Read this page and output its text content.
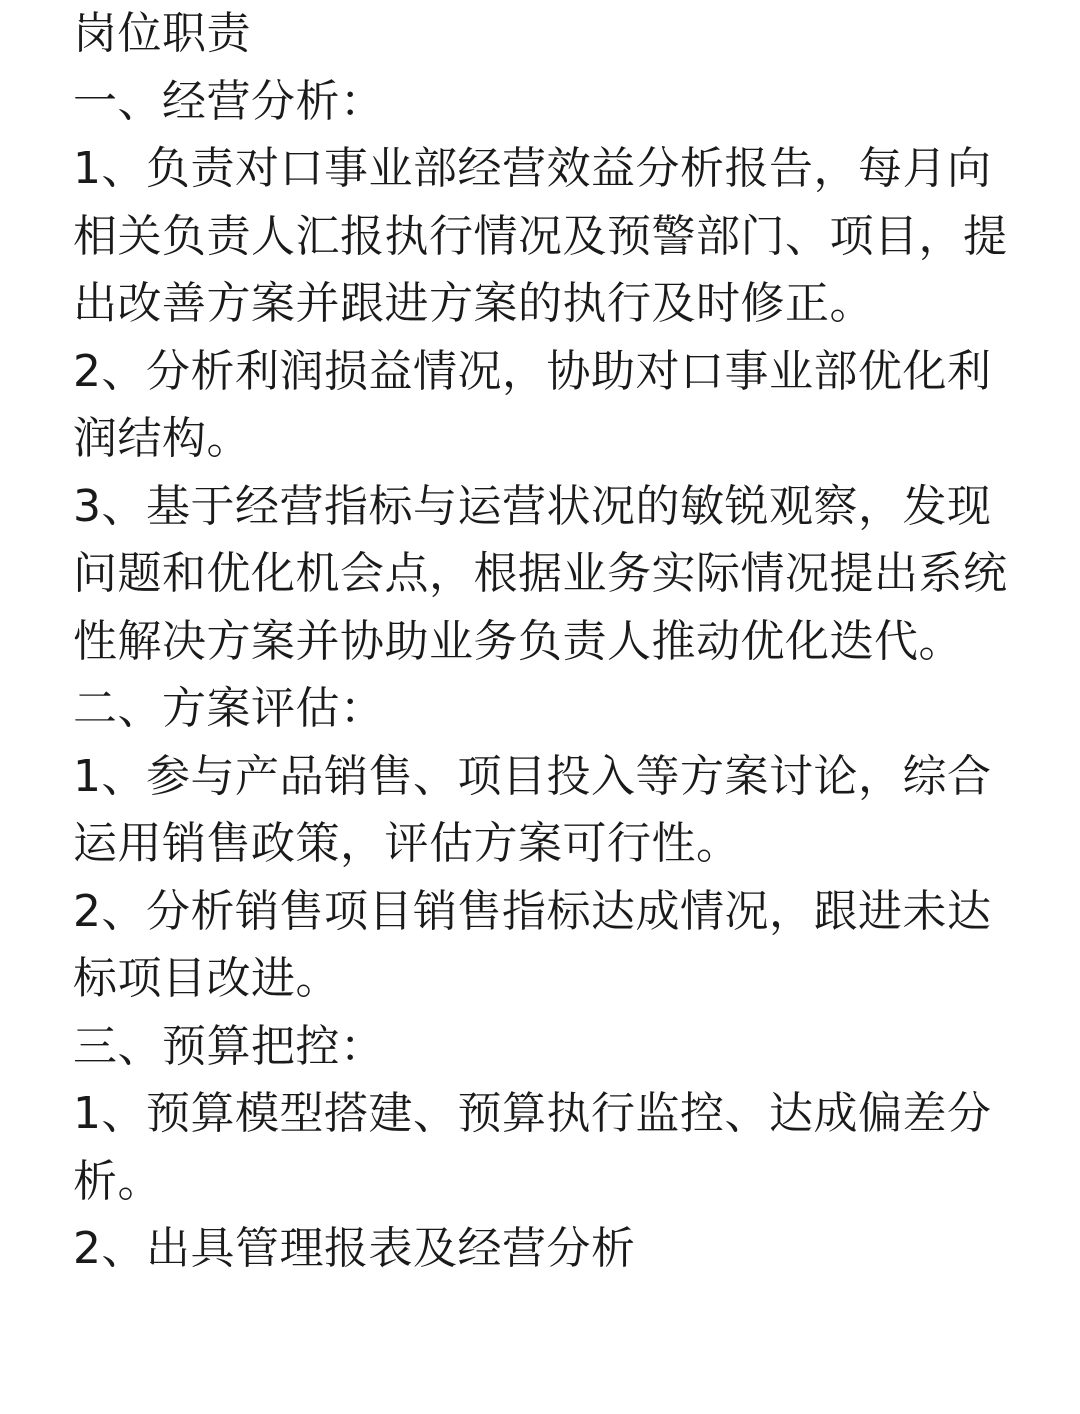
岗位职责
一、经营分析：
1、负责对口事业部经营效益分析报告，每月向相关负责人汇报执行情况及预警部门、项目，提出改善方案并跟进方案的执行及时修正。
2、分析利润损益情况，协助对口事业部优化利润结构。
3、基于经营指标与运营状况的敏锐观察，发现问题和优化机会点，根据业务实际情况提出系统性解决方案并协助业务负责人推动优化迭代。
二、方案评估：
1、参与产品销售、项目投入等方案讨论，综合运用销售政策，评估方案可行性。
2、分析销售项目销售指标达成情况，跟进未达标项目改进。
三、预算把控：
1、预算模型搭建、预算执行监控、达成偏差分析。
2、出具管理报表及经营分析
